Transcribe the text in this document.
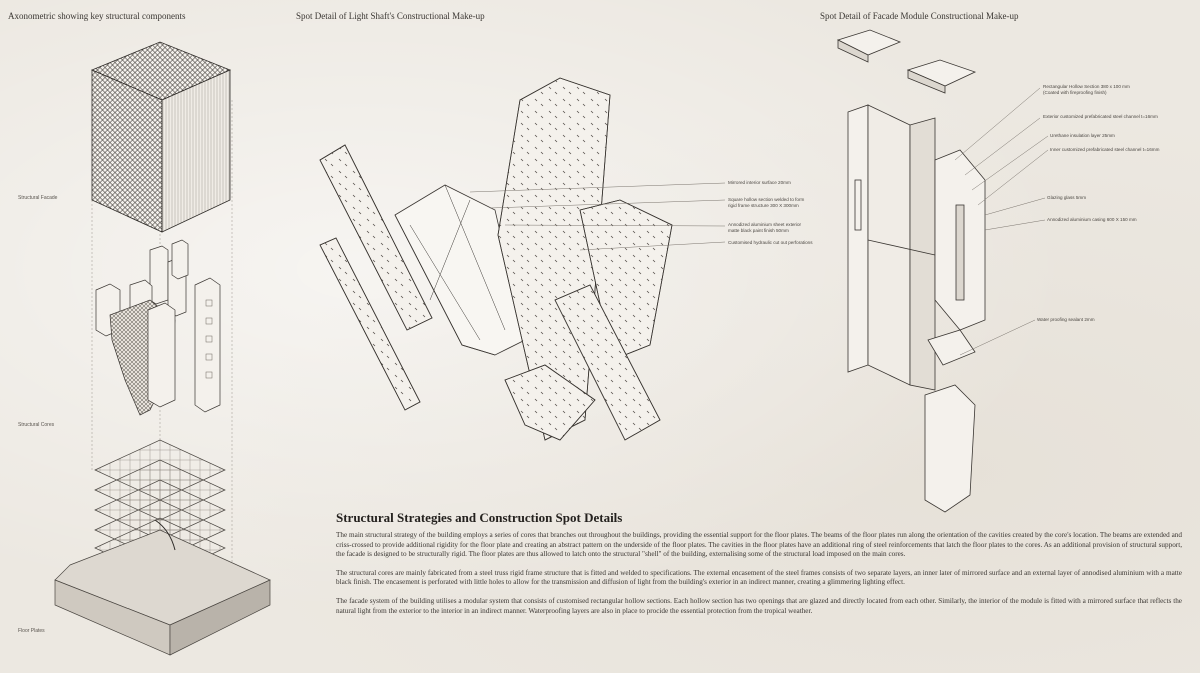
Axonometric showing key structural components	Spot Detail of Light Shaft's Constructional Make-up	Spot Detail of Facade Module Constructional Make-up
Structural Facade
Structural Cores
Floor Plates
Mirrored interior surface 20mm
Square hollow section welded to form
rigid frame structure 300 X 300mm
Annodized aluminium sheet exterior
matte black paint finish 50mm
Customised hydraulic cut out perforations
Rectangular Hollow Section 380 x 100 mm
(Coated with fireproofing finish)
Exterior customized prefabricated steel channel t=16mm
Urethane insulation layer 25mm
Inner customized prefabricated steel channel t=16mm
Glazing glass 5mm
Annodized aluminium casing 600 X 150 mm
Water proofing sealant 2mm
Structural Strategies and Construction Spot Details

The main structural strategy of the building employs a series of cores that branches out throughout the buildings, providing the essential support for the floor plates. The beams of the floor plates run along the orientation of the cavities created by the core's location. The beams are extended and criss-crossed to provide additional rigidity for the floor plate and creating an abstract pattern on the underside of the floor plates. The cavities in the floor plates have an additional ring of steel reinforcements that latch the floor plates to the cores. As an additional provision of structural support, the facade is designed to be structurally rigid. The floor plates are thus allowed to latch onto the structural "shell" of the building, externalising some of the structural load imposed on the main cores.

The structural cores are mainly fabricated from a steel truss rigid frame structure that is fitted and welded to specifications. The external encasement of the steel frames consists of two separate layers, an inner later of mirrored surface and an external layer of annodised aluminium with a matte black finish. The encasement is perforated with little holes to allow for the transmission and diffusion of light from the building's exterior in an indirect manner, creating a glimmering lighting effect.

The facade system of the building utilises a modular system that consists of customised rectangular hollow sections. Each hollow section has two openings that are glazed and directly located from each other. Similarly, the interior of the module is fitted with a mirrored surface that reflects the natural light from the exterior to the interior in an indirect manner. Waterproofing layers are also in place to procide the essential protection from the tropical weather.
